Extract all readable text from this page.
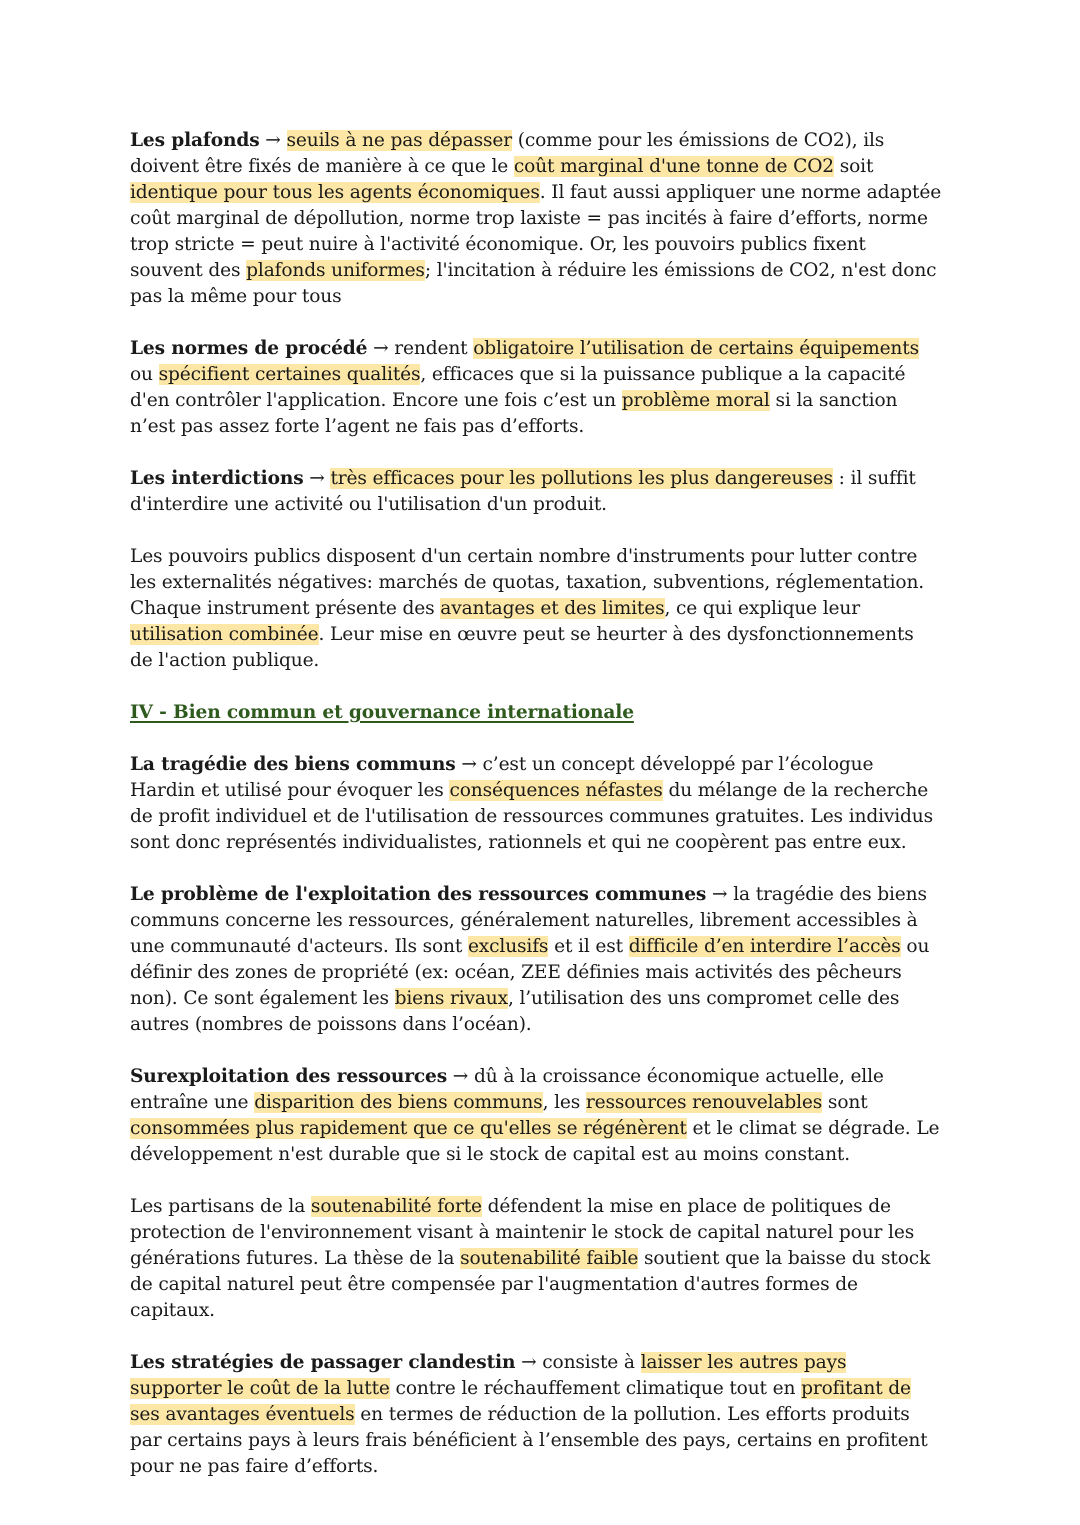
Les plafonds → seuils à ne pas dépasser (comme pour les émissions de CO2), ils doivent être fixés de manière à ce que le coût marginal d'une tonne de CO2 soit identique pour tous les agents économiques. Il faut aussi appliquer une norme adaptée coût marginal de dépollution, norme trop laxiste = pas incités à faire d’efforts, norme trop stricte = peut nuire à l'activité économique. Or, les pouvoirs publics fixent souvent des plafonds uniformes; l'incitation à réduire les émissions de CO2, n'est donc pas la même pour tous

Les normes de procédé → rendent obligatoire l’utilisation de certains équipements ou spécifient certaines qualités, efficaces que si la puissance publique a la capacité d'en contrôler l'application. Encore une fois c’est un problème moral si la sanction n’est pas assez forte l’agent ne fais pas d’efforts.

Les interdictions → très efficaces pour les pollutions les plus dangereuses : il suffit d'interdire une activité ou l'utilisation d'un produit.

Les pouvoirs publics disposent d'un certain nombre d'instruments pour lutter contre les externalités négatives: marchés de quotas, taxation, subventions, réglementation. Chaque instrument présente des avantages et des limites, ce qui explique leur utilisation combinée. Leur mise en œuvre peut se heurter à des dysfonctionnements de l'action publique.

IV - Bien commun et gouvernance internationale

La tragédie des biens communs → c’est un concept développé par l’écologue Hardin et utilisé pour évoquer les conséquences néfastes du mélange de la recherche de profit individuel et de l'utilisation de ressources communes gratuites. Les individus sont donc représentés individualistes, rationnels et qui ne coopèrent pas entre eux.

Le problème de l'exploitation des ressources communes → la tragédie des biens communs concerne les ressources, généralement naturelles, librement accessibles à une communauté d'acteurs. Ils sont exclusifs et il est difficile d’en interdire l’accès ou définir des zones de propriété (ex: océan, ZEE définies mais activités des pêcheurs non). Ce sont également les biens rivaux, l’utilisation des uns compromet celle des autres (nombres de poissons dans l’océan).

Surexploitation des ressources → dû à la croissance économique actuelle, elle entraîne une disparition des biens communs, les ressources renouvelables sont consommées plus rapidement que ce qu'elles se régénèrent et le climat se dégrade. Le développement n'est durable que si le stock de capital est au moins constant.

Les partisans de la soutenabilité forte défendent la mise en place de politiques de protection de l'environnement visant à maintenir le stock de capital naturel pour les générations futures. La thèse de la soutenabilité faible soutient que la baisse du stock de capital naturel peut être compensée par l'augmentation d'autres formes de capitaux.

Les stratégies de passager clandestin → consiste à laisser les autres pays supporter le coût de la lutte contre le réchauffement climatique tout en profitant de ses avantages éventuels en termes de réduction de la pollution. Les efforts produits par certains pays à leurs frais bénéficient à l’ensemble des pays, certains en profitent pour ne pas faire d’efforts.
